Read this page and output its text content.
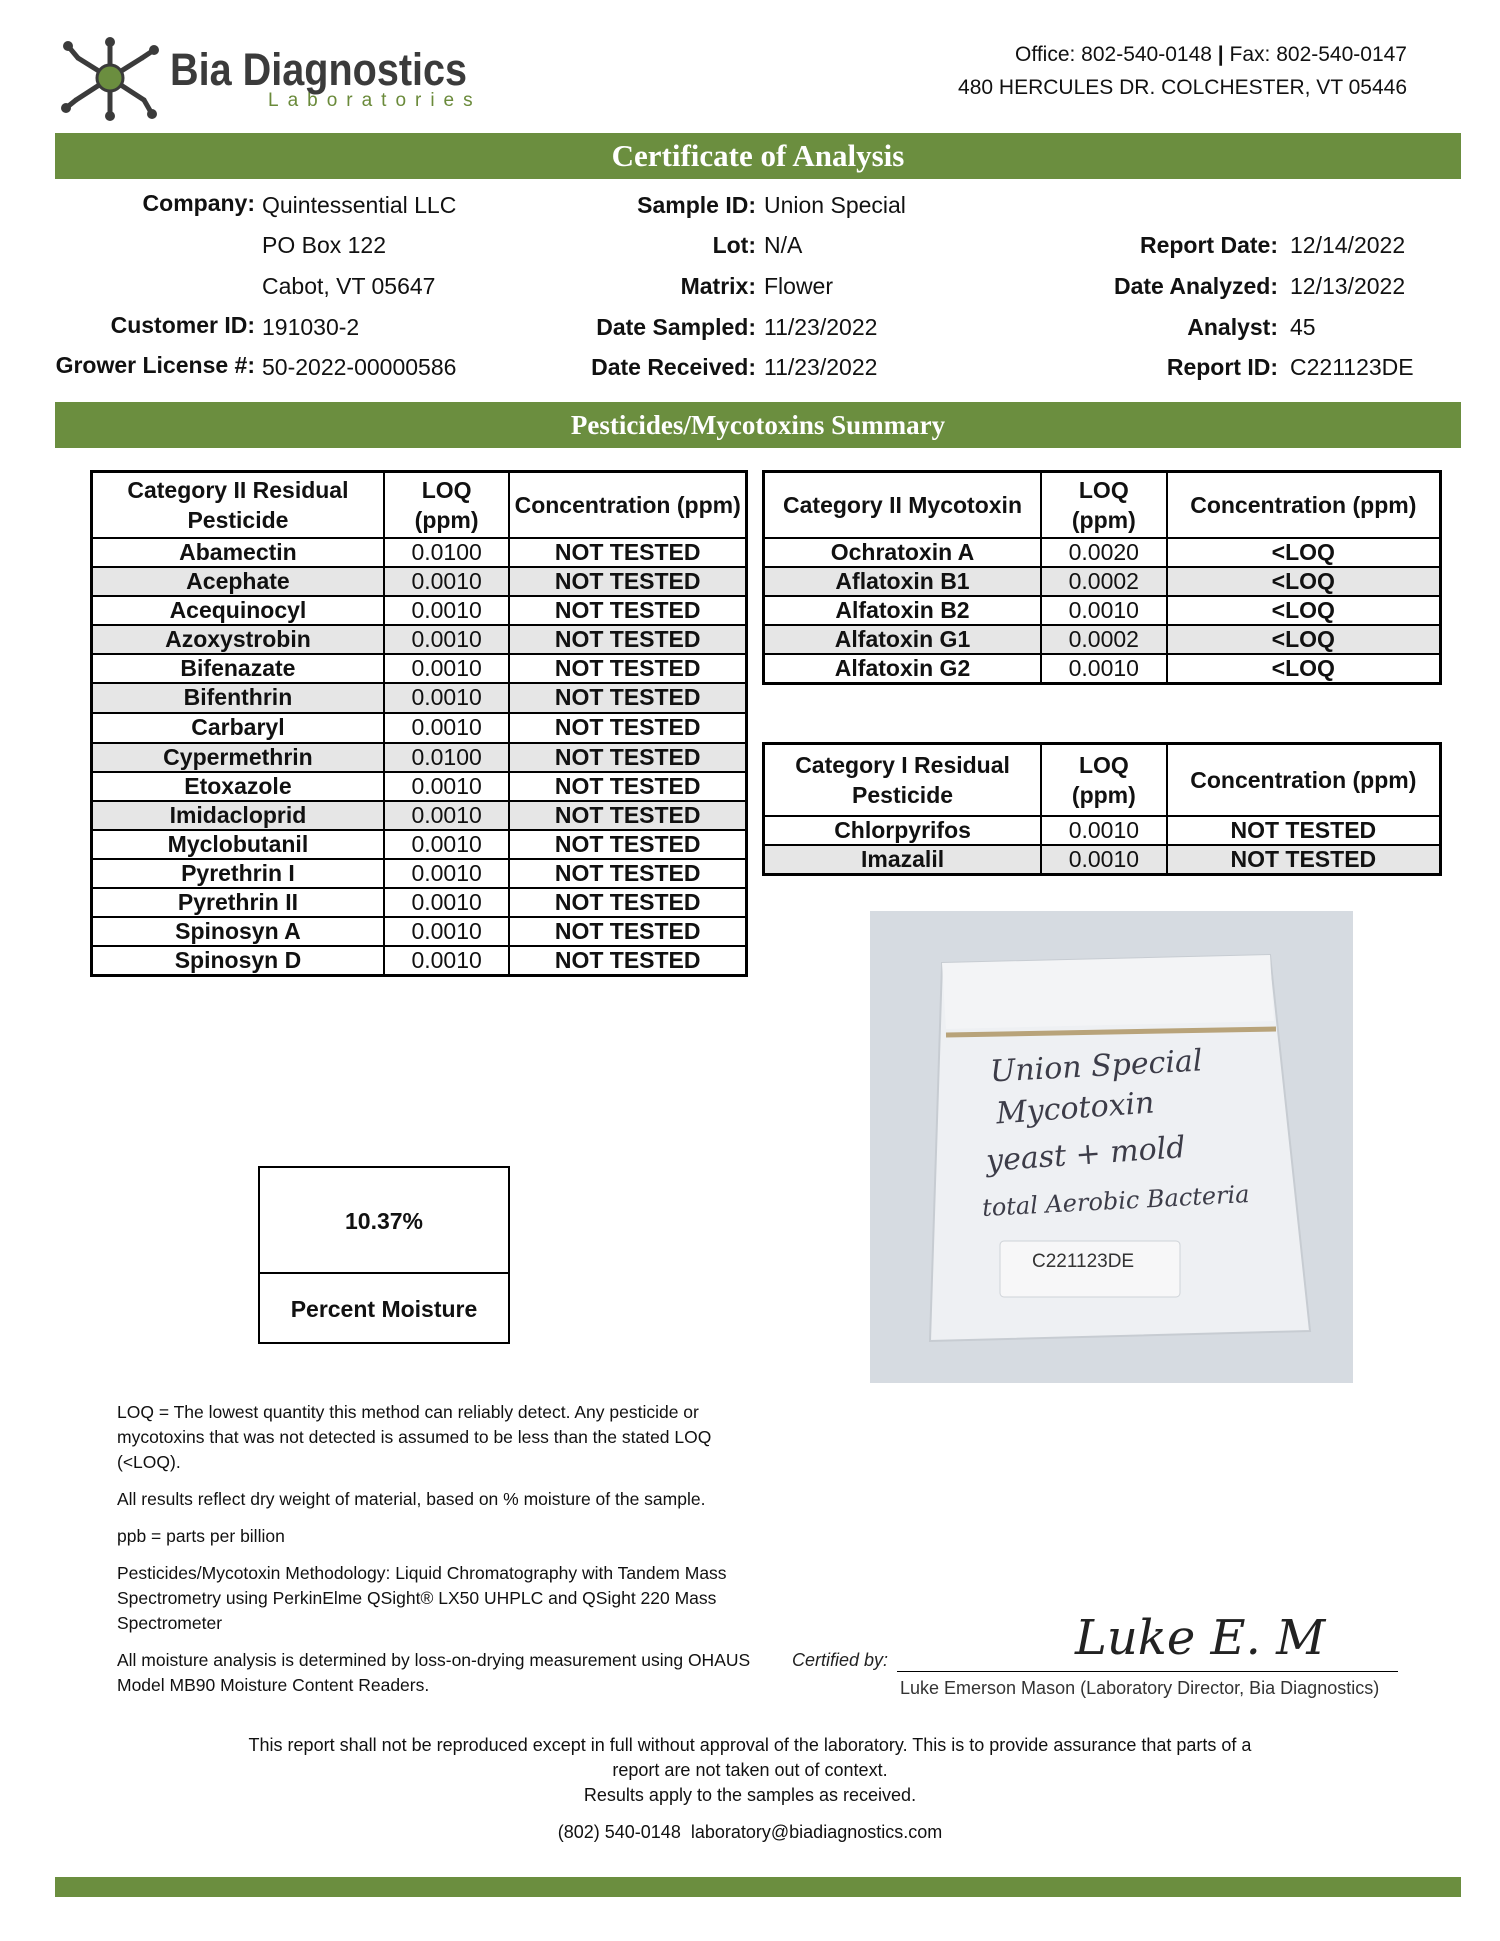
Bia Diagnostics
Laboratories
Office: 802-540-0148 | Fax: 802-540-0147
480 HERCULES DR. COLCHESTER, VT 05446
Certificate of Analysis
Company: Quintessential LLC
PO Box 122
Cabot, VT 05647
Customer ID: 191030-2
Grower License #: 50-2022-00000586
Sample ID: Union Special
Lot: N/A
Matrix: Flower
Date Sampled: 11/23/2022
Date Received: 11/23/2022
Report Date: 12/14/2022
Date Analyzed: 12/13/2022
Analyst: 45
Report ID: C221123DE
Pesticides/Mycotoxins Summary
Category II Residual Pesticide	LOQ (ppm)	Concentration (ppm)
Abamectin	0.0100	NOT TESTED
Acephate	0.0010	NOT TESTED
Acequinocyl	0.0010	NOT TESTED
Azoxystrobin	0.0010	NOT TESTED
Bifenazate	0.0010	NOT TESTED
Bifenthrin	0.0010	NOT TESTED
Carbaryl	0.0010	NOT TESTED
Cypermethrin	0.0100	NOT TESTED
Etoxazole	0.0010	NOT TESTED
Imidacloprid	0.0010	NOT TESTED
Myclobutanil	0.0010	NOT TESTED
Pyrethrin I	0.0010	NOT TESTED
Pyrethrin II	0.0010	NOT TESTED
Spinosyn A	0.0010	NOT TESTED
Spinosyn D	0.0010	NOT TESTED
Category II Mycotoxin	LOQ (ppm)	Concentration (ppm)
Ochratoxin A	0.0020	<LOQ
Aflatoxin B1	0.0002	<LOQ
Alfatoxin B2	0.0010	<LOQ
Alfatoxin G1	0.0002	<LOQ
Alfatoxin G2	0.0010	<LOQ
Category I Residual Pesticide	LOQ (ppm)	Concentration (ppm)
Chlorpyrifos	0.0010	NOT TESTED
Imazalil	0.0010	NOT TESTED
10.37%
Percent Moisture
Union Special
Mycotoxin
yeast + mold
total Aerobic Bacteria
C221123DE

LOQ = The lowest quantity this method can reliably detect. Any pesticide or mycotoxins that was not detected is assumed to be less than the stated LOQ (<LOQ).

All results reflect dry weight of material, based on % moisture of the sample.

ppb = parts per billion

Pesticides/Mycotoxin Methodology: Liquid Chromatography with Tandem Mass Spectrometry using PerkinElme QSight® LX50 UHPLC and QSight 220 Mass Spectrometer

All moisture analysis is determined by loss-on-drying measurement using OHAUS Model MB90 Moisture Content Readers.

Certified by:	Luke E. M
Luke Emerson Mason (Laboratory Director, Bia Diagnostics)
This report shall not be reproduced except in full without approval of the laboratory. This is to provide assurance that parts of a
report are not taken out of context.
Results apply to the samples as received.
(802) 540-0148 laboratory@biadiagnostics.com
